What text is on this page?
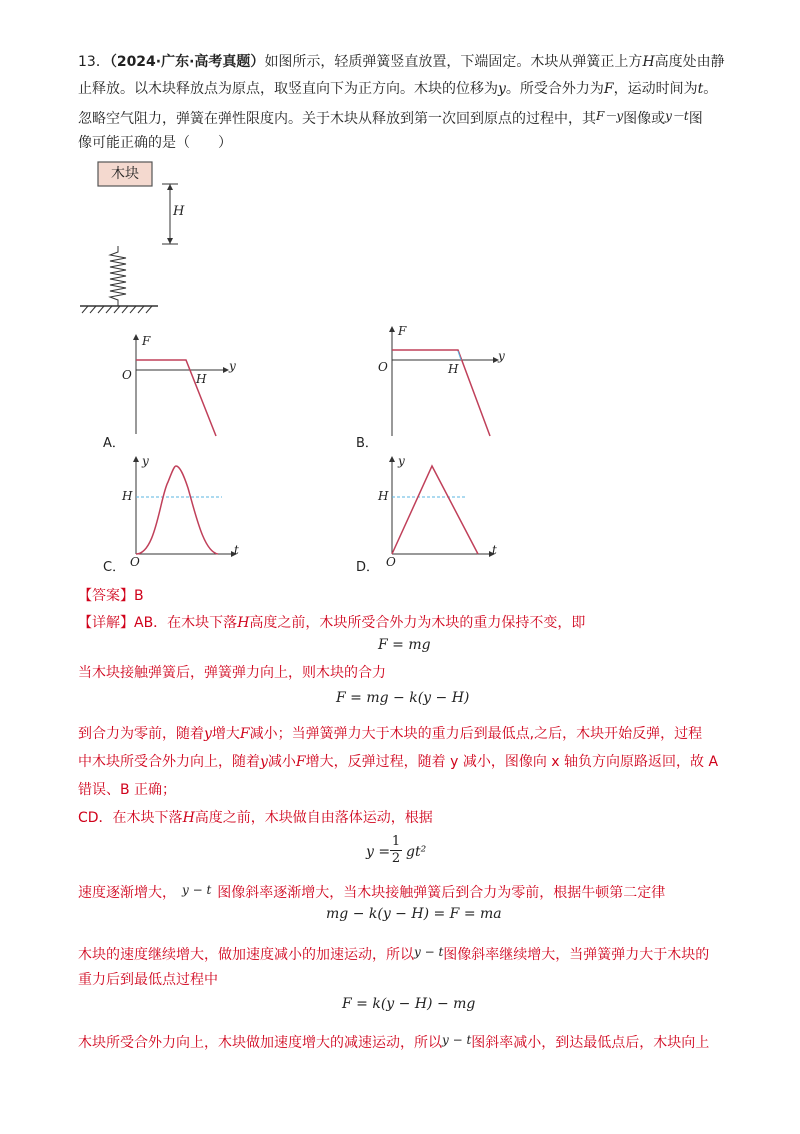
13．（2024·广东·高考真题）如图所示，轻质弹簧竖直放置，下端固定。木块从弹簧正上方H高度处由静
止释放。以木块释放点为原点，取竖直向下为正方向。木块的位移为y。所受合外力为F，运动时间为t。
忽略空气阻力，弹簧在弹性限度内。关于木块从释放到第一次回到原点的过程中，其F－y图像或y－t图
像可能正确的是（　　）
木块
H
F
O
y
H
A．
F
O
y
H
B．
y
H
O
t
C．
y
H
O
t
D．
【答案】B
【详解】AB．在木块下落H高度之前，木块所受合外力为木块的重力保持不变，即
F = mg
当木块接触弹簧后，弹簧弹力向上，则木块的合力
F = mg − k(y − H)
到合力为零前，随着y增大F减小；当弹簧弹力大于木块的重力后到最低点,之后，木块开始反弹，过程
中木块所受合外力向上，随着y减小F增大，反弹过程，随着 y 减小，图像向 x 轴负方向原路返回，故 A
错误、B 正确；
CD．在木块下落H高度之前，木块做自由落体运动，根据
$y = \frac{1}{2} gt^2$
速度逐渐增大， y − t 图像斜率逐渐增大，当木块接触弹簧后到合力为零前，根据牛顿第二定律
mg − k(y − H) = F = ma
木块的速度继续增大，做加速度减小的加速运动，所以y − t图像斜率继续增大，当弹簧弹力大于木块的
重力后到最低点过程中
F = k(y − H) − mg
木块所受合外力向上，木块做加速度增大的减速运动，所以y − t图斜率减小，到达最低点后，木块向上
